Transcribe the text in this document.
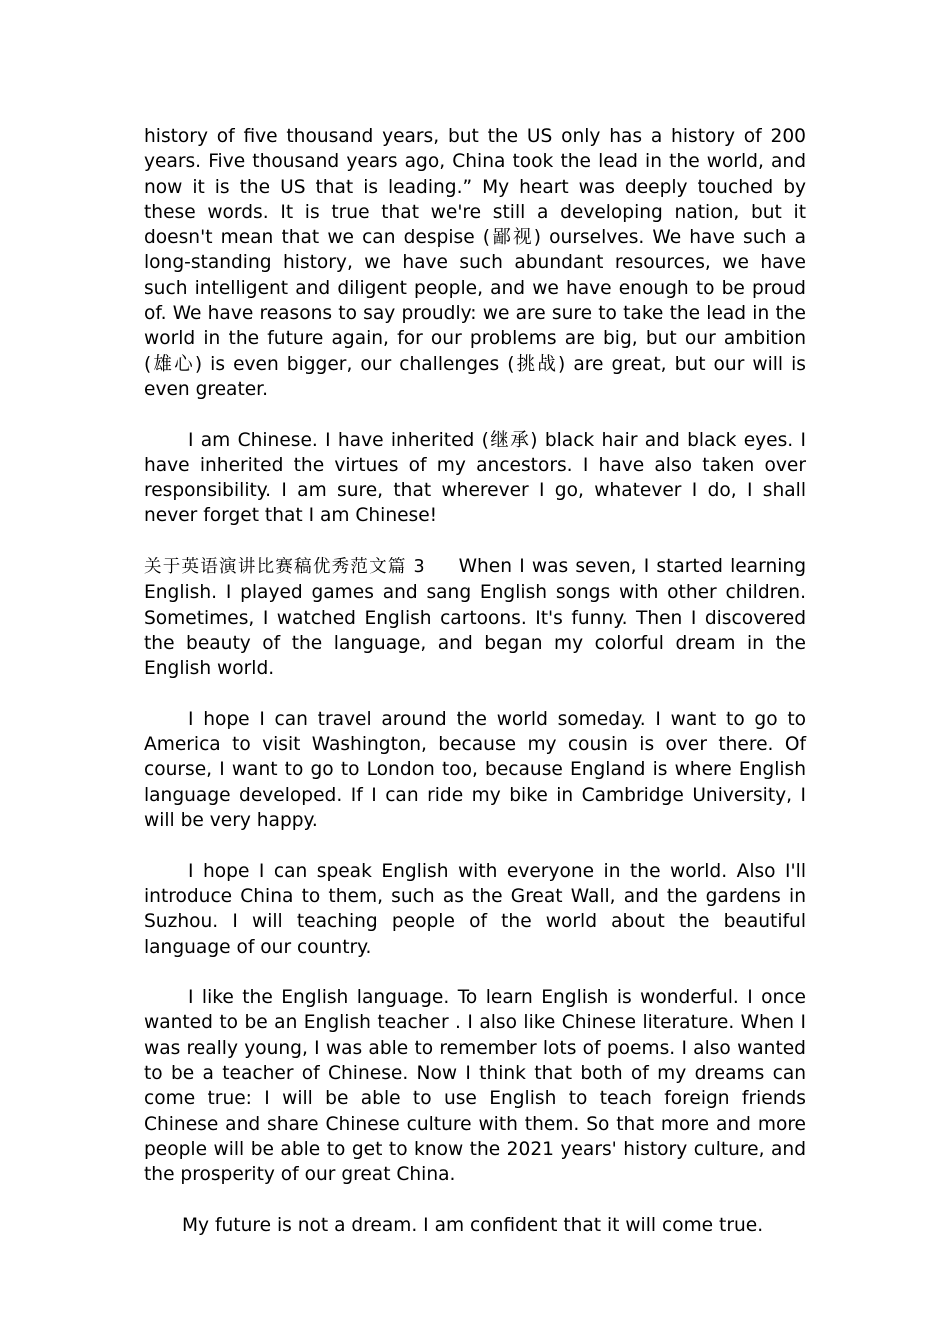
history of five thousand years, but the US only has a history of 200 years. Five thousand years ago, China took the lead in the world, and now it is the US that is leading.” My heart was deeply touched by these words. It is true that we're still a developing nation, but it doesn't mean that we can despise (鄙视) ourselves. We have such a long-standing history, we have such abundant resources, we have such intelligent and diligent people, and we have enough to be proud of. We have reasons to say proudly: we are sure to take the lead in the world in the future again, for our problems are big, but our ambition (雄心) is even bigger, our challenges (挑战) are great, but our will is even greater.

I am Chinese. I have inherited (继承) black hair and black eyes. I have inherited the virtues of my ancestors. I have also taken over responsibility. I am sure, that wherever I go, whatever I do, I shall never forget that I am Chinese!

关于英语演讲比赛稿优秀范文篇 3 When I was seven, I started learning English. I played games and sang English songs with other children. Sometimes, I watched English cartoons. It's funny. Then I discovered the beauty of the language, and began my colorful dream in the English world.

I hope I can travel around the world someday. I want to go to America to visit Washington, because my cousin is over there. Of course, I want to go to London too, because England is where English language developed. If I can ride my bike in Cambridge University, I will be very happy.

I hope I can speak English with everyone in the world. Also I'll introduce China to them, such as the Great Wall, and the gardens in Suzhou. I will teaching people of the world about the beautiful language of our country.

I like the English language. To learn English is wonderful. I once wanted to be an English teacher . I also like Chinese literature. When I was really young, I was able to remember lots of poems. I also wanted to be a teacher of Chinese. Now I think that both of my dreams can come true: I will be able to use English to teach foreign friends Chinese and share Chinese culture with them. So that more and more people will be able to get to know the 2021 years' history culture, and the prosperity of our great China.

My future is not a dream. I am confident that it will come true.
